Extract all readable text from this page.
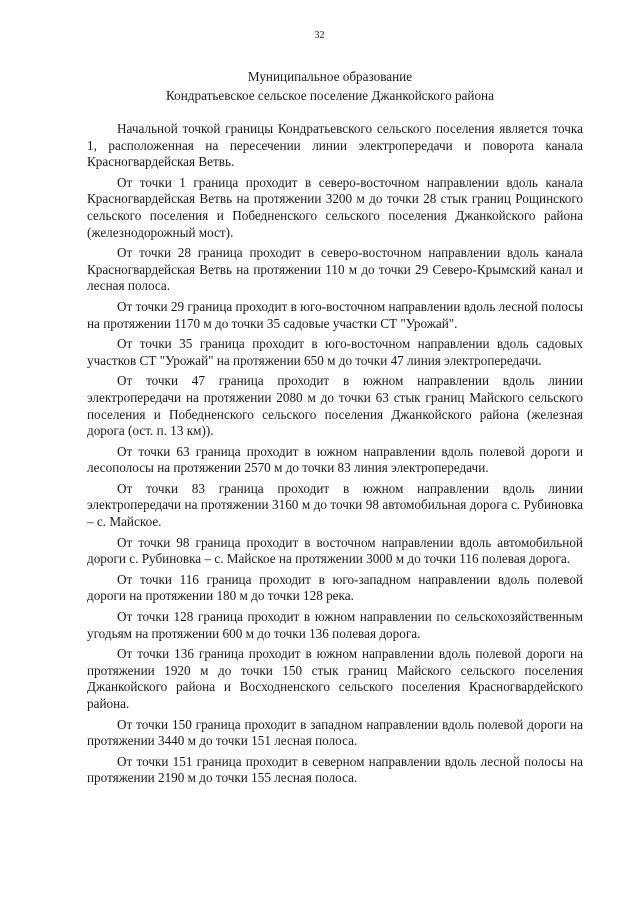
32
Муниципальное образование
Кондратьевское сельское поселение Джанкойского района

Начальной точкой границы Кондратьевского сельского поселения является точка 1, расположенная на пересечении линии электропередачи и поворота канала Красногвардейская Ветвь.

От точки 1 граница проходит в северо-восточном направлении вдоль канала Красногвардейская Ветвь на протяжении 3200 м до точки 28 стык границ Рощинского сельского поселения и Победненского сельского поселения Джанкойского района (железнодорожный мост).

От точки 28 граница проходит в северо-восточном направлении вдоль канала Красногвардейская Ветвь на протяжении 110 м до точки 29 Северо-Крымский канал и лесная полоса.

От точки 29 граница проходит в юго-восточном направлении вдоль лесной полосы на протяжении 1170 м до точки 35 садовые участки СТ "Урожай".

От точки 35 граница проходит в юго-восточном направлении вдоль садовых участков СТ "Урожай" на протяжении 650 м до точки 47 линия электропередачи.

От точки 47 граница проходит в южном направлении вдоль линии электропередачи на протяжении 2080 м до точки 63 стык границ Майского сельского поселения и Победненского сельского поселения Джанкойского района (железная дорога (ост. п. 13 км)).

От точки 63 граница проходит в южном направлении вдоль полевой дороги и лесополосы на протяжении 2570 м до точки 83 линия электропередачи.

От точки 83 граница проходит в южном направлении вдоль линии электропередачи на протяжении 3160 м до точки 98 автомобильная дорога с. Рубиновка – с. Майское.

От точки 98 граница проходит в восточном направлении вдоль автомобильной дороги с. Рубиновка – с. Майское на протяжении 3000 м до точки 116 полевая дорога.

От точки 116 граница проходит в юго-западном направлении вдоль полевой дороги на протяжении 180 м до точки 128 река.

От точки 128 граница проходит в южном направлении по сельскохозяйственным угодьям на протяжении 600 м до точки 136 полевая дорога.

От точки 136 граница проходит в южном направлении вдоль полевой дороги на протяжении 1920 м до точки 150 стык границ Майского сельского поселения Джанкойского района и Восходненского сельского поселения Красногвардейского района.

От точки 150 граница проходит в западном направлении вдоль полевой дороги на протяжении 3440 м до точки 151 лесная полоса.

От точки 151 граница проходит в северном направлении вдоль лесной полосы на протяжении 2190 м до точки 155 лесная полоса.
